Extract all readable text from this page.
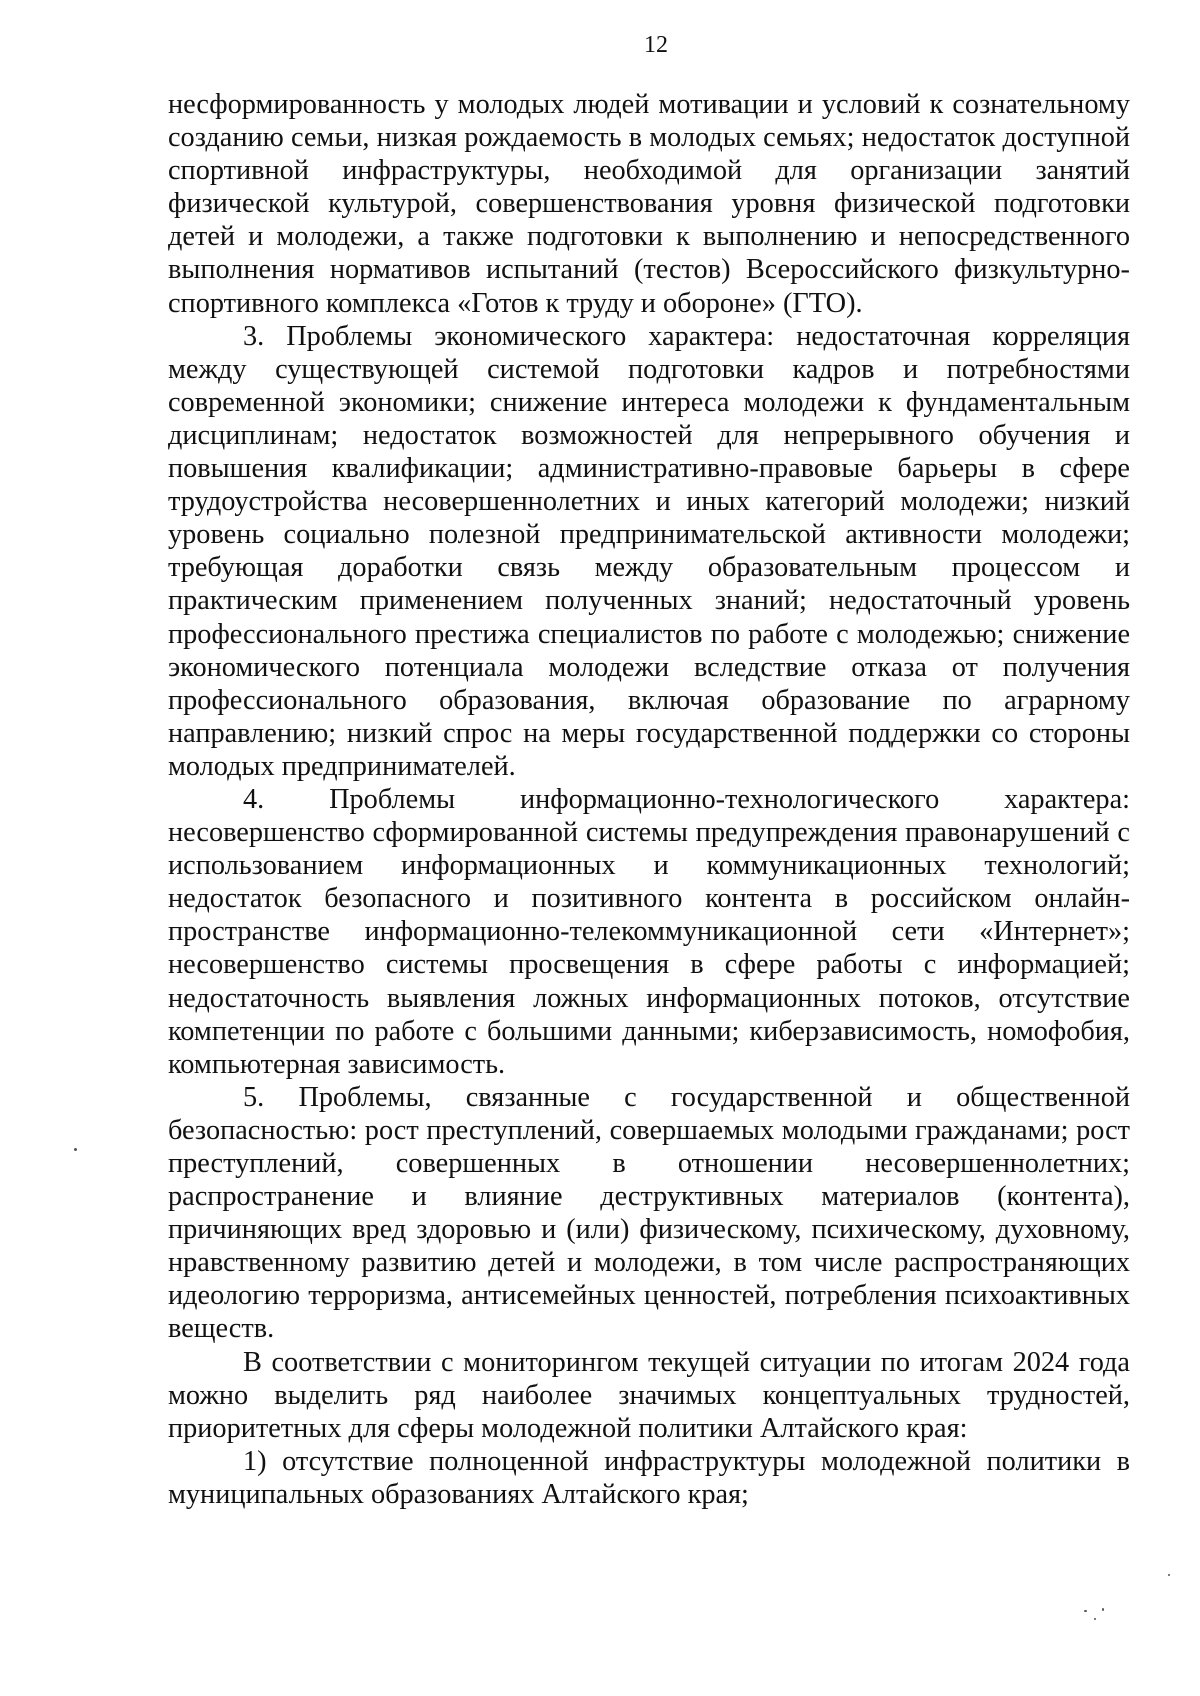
12

несформированность у молодых людей мотивации и условий к сознательному созданию семьи, низкая рождаемость в молодых семьях; недостаток доступной спортивной инфраструктуры, необходимой для организации занятий физической культурой, совершенствования уровня физической подготовки детей и молодежи, а также подготовки к выполнению и непосредственного выполнения нормативов испытаний (тестов) Всероссийского физкультурно-спортивного комплекса «Готов к труду и обороне» (ГТО).

3. Проблемы экономического характера: недостаточная корреляция между существующей системой подготовки кадров и потребностями современной экономики; снижение интереса молодежи к фундаментальным дисциплинам; недостаток возможностей для непрерывного обучения и повышения квалификации; административно-правовые барьеры в сфере трудоустройства несовершеннолетних и иных категорий молодежи; низкий уровень социально полезной предпринимательской активности молодежи; требующая доработки связь между образовательным процессом и практическим применением полученных знаний; недостаточный уровень профессионального престижа специалистов по работе с молодежью; снижение экономического потенциала молодежи вследствие отказа от получения профессионального образования, включая образование по аграрному направлению; низкий спрос на меры государственной поддержки со стороны молодых предпринимателей.

4. Проблемы информационно-технологического характера: несовершенство сформированной системы предупреждения правонарушений с использованием информационных и коммуникационных технологий; недостаток безопасного и позитивного контента в российском онлайн-пространстве информационно-телекоммуникационной сети «Интернет»; несовершенство системы просвещения в сфере работы с информацией; недостаточность выявления ложных информационных потоков, отсутствие компетенции по работе с большими данными; киберзависимость, номофобия, компьютерная зависимость.

5. Проблемы, связанные с государственной и общественной безопасностью: рост преступлений, совершаемых молодыми гражданами; рост преступлений, совершенных в отношении несовершеннолетних; распространение и влияние деструктивных материалов (контента), причиняющих вред здоровью и (или) физическому, психическому, духовному, нравственному развитию детей и молодежи, в том числе распространяющих идеологию терроризма, антисемейных ценностей, потребления психоактивных веществ.

В соответствии с мониторингом текущей ситуации по итогам 2024 года можно выделить ряд наиболее значимых концептуальных трудностей, приоритетных для сферы молодежной политики Алтайского края:

1) отсутствие полноценной инфраструктуры молодежной политики в муниципальных образованиях Алтайского края;
